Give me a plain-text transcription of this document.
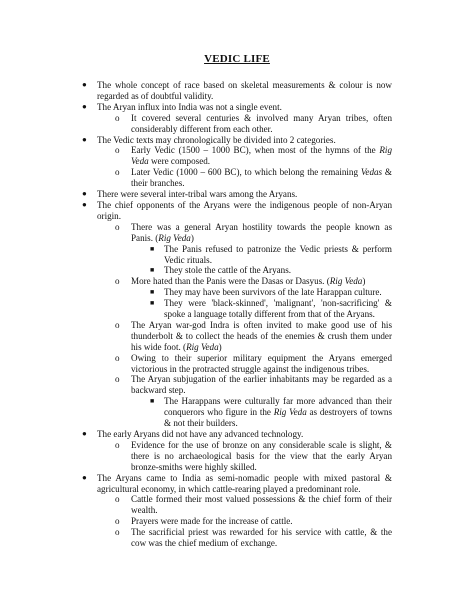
VEDIC LIFE
● The whole concept of race based on skeletal measurements & colour is now regarded as of doubtful validity.
● The Aryan influx into India was not a single event.
o It covered several centuries & involved many Aryan tribes, often considerably different from each other.
● The Vedic texts may chronologically be divided into 2 categories.
o Early Vedic (1500 – 1000 BC), when most of the hymns of the Rig Veda were composed.
o Later Vedic (1000 – 600 BC), to which belong the remaining Vedas & their branches.
● There were several inter-tribal wars among the Aryans.
● The chief opponents of the Aryans were the indigenous people of non-Aryan origin.
o There was a general Aryan hostility towards the people known as Panis. (Rig Veda)
■ The Panis refused to patronize the Vedic priests & perform Vedic rituals.
■ They stole the cattle of the Aryans.
o More hated than the Panis were the Dasas or Dasyus. (Rig Veda)
■ They may have been survivors of the late Harappan culture.
■ They were 'black-skinned', 'malignant', 'non-sacrificing' & spoke a language totally different from that of the Aryans.
o The Aryan war-god Indra is often invited to make good use of his thunderbolt & to collect the heads of the enemies & crush them under his wide foot. (Rig Veda)
o Owing to their superior military equipment the Aryans emerged victorious in the protracted struggle against the indigenous tribes.
o The Aryan subjugation of the earlier inhabitants may be regarded as a backward step.
■ The Harappans were culturally far more advanced than their conquerors who figure in the Rig Veda as destroyers of towns & not their builders.
● The early Aryans did not have any advanced technology.
o Evidence for the use of bronze on any considerable scale is slight, & there is no archaeological basis for the view that the early Aryan bronze-smiths were highly skilled.
● The Aryans came to India as semi-nomadic people with mixed pastoral & agricultural economy, in which cattle-rearing played a predominant role.
o Cattle formed their most valued possessions & the chief form of their wealth.
o Prayers were made for the increase of cattle.
o The sacrificial priest was rewarded for his service with cattle, & the cow was the chief medium of exchange.
